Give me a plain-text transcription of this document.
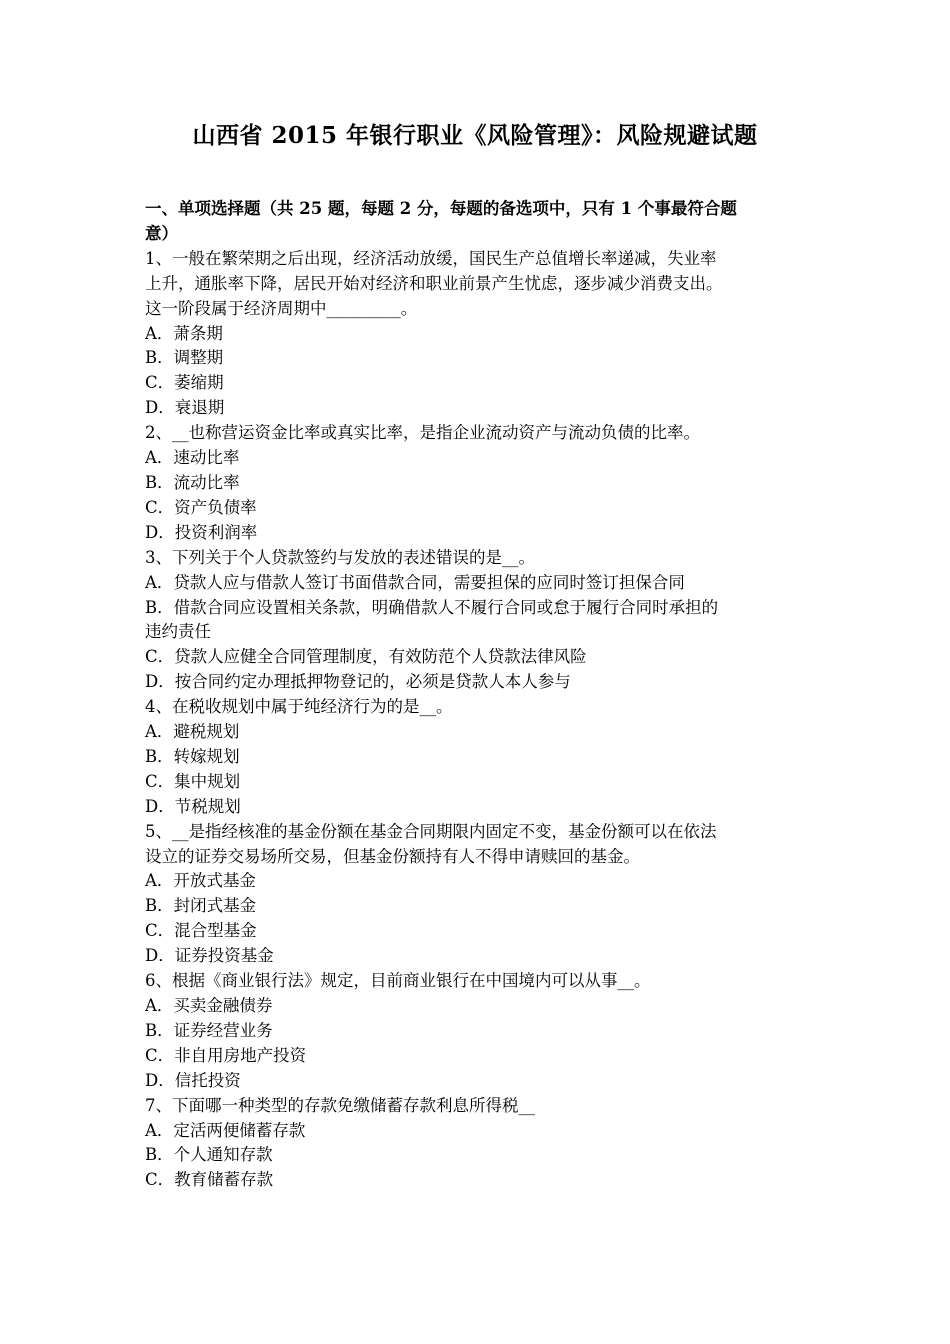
山西省 2015 年银行职业《风险管理》：风险规避试题
一、单项选择题（共 25 题，每题 2 分，每题的备选项中，只有 1 个事最符合题
意）
1、一般在繁荣期之后出现，经济活动放缓，国民生产总值增长率递减，失业率
上升，通胀率下降，居民开始对经济和职业前景产生忧虑，逐步减少消费支出。
这一阶段属于经济周期中_________。
A．萧条期
B．调整期
C．萎缩期
D．衰退期
2、__也称营运资金比率或真实比率，是指企业流动资产与流动负债的比率。
A．速动比率
B．流动比率
C．资产负债率
D．投资利润率
3、下列关于个人贷款签约与发放的表述错误的是__。
A．贷款人应与借款人签订书面借款合同，需要担保的应同时签订担保合同
B．借款合同应设置相关条款，明确借款人不履行合同或怠于履行合同时承担的
违约责任
C．贷款人应健全合同管理制度，有效防范个人贷款法律风险
D．按合同约定办理抵押物登记的，必须是贷款人本人参与
4、在税收规划中属于纯经济行为的是__。
A．避税规划
B．转嫁规划
C．集中规划
D．节税规划
5、__是指经核准的基金份额在基金合同期限内固定不变，基金份额可以在依法
设立的证券交易场所交易，但基金份额持有人不得申请赎回的基金。
A．开放式基金
B．封闭式基金
C．混合型基金
D．证券投资基金
6、根据《商业银行法》规定，目前商业银行在中国境内可以从事__。
A．买卖金融债券
B．证券经营业务
C．非自用房地产投资
D．信托投资
7、下面哪一种类型的存款免缴储蓄存款利息所得税__
A．定活两便储蓄存款
B．个人通知存款
C．教育储蓄存款
